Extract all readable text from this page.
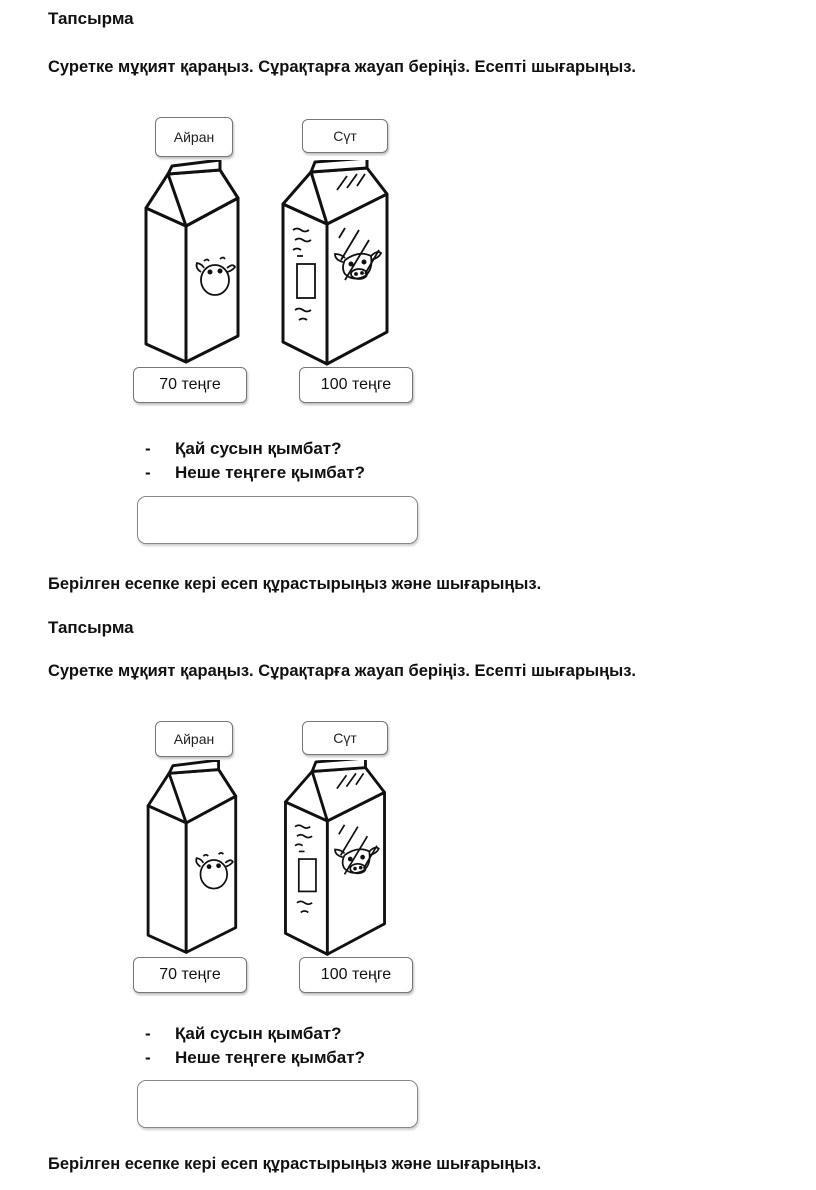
Тапсырма
Суретке мұқият қараңыз. Сұрақтарға жауап беріңіз. Есепті шығарыңыз.
Айран	Сүт
70 теңге	100 теңге
-	Қай сусын қымбат?
-	Неше теңгеге қымбат?
Берілген есепке кері есеп құрастырыңыз және шығарыңыз.
Тапсырма
Суретке мұқият қараңыз. Сұрақтарға жауап беріңіз. Есепті шығарыңыз.
Айран	Сүт
70 теңге	100 теңге
-	Қай сусын қымбат?
-	Неше теңгеге қымбат?
Берілген есепке кері есеп құрастырыңыз және шығарыңыз.
